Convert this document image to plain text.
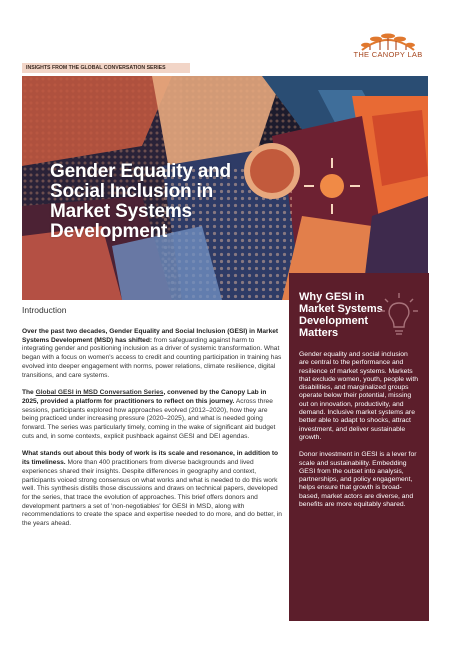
THE CANOPY LAB
Gender Equality and Social Inclusion in Market Systems Development
INSIGHTS FROM THE GLOBAL CONVERSATION SERIES
Introduction

Over the past two decades, Gender Equality and Social Inclusion (GESI) in Market Systems Development (MSD) has shifted: from safeguarding against harm to integrating gender and positioning inclusion as a driver of systemic transformation. What began with a focus on women's access to credit and counting participation in training has evolved into deeper engagement with norms, power relations, climate resilience, digital transitions, and care systems.

The Global GESI in MSD Conversation Series, convened by the Canopy Lab in 2025, provided a platform for practitioners to reflect on this journey. Across three sessions, participants explored how approaches evolved (2012–2020), how they are being practiced under increasing pressure (2020–2025), and what is needed going forward. The series was particularly timely, coming in the wake of significant aid budget cuts and, in some contexts, explicit pushback against GESI and DEI agendas.

What stands out about this body of work is its scale and resonance, in addition to its timeliness. More than 400 practitioners from diverse backgrounds and lived experiences shared their insights. Despite differences in geography and context, participants voiced strong consensus on what works and what is needed to do this work well. This synthesis distills those discussions and draws on technical papers, developed for the series, that trace the evolution of approaches. This brief offers donors and development partners a set of 'non-negotiables' for GESI in MSD, along with recommendations to create the space and expertise needed to do more, and do better, in the years ahead.

Why GESI in Market Systems Development Matters

Gender equality and social inclusion are central to the performance and resilience of market systems. Markets that exclude women, youth, people with disabilities, and marginalized groups operate below their potential, missing out on innovation, productivity, and demand. Inclusive market systems are better able to adapt to shocks, attract investment, and deliver sustainable growth.

Donor investment in GESI is a lever for scale and sustainability. Embedding GESI from the outset into analysis, partnerships, and policy engagement, helps ensure that growth is broad-based, market actors are diverse, and benefits are more equitably shared.
